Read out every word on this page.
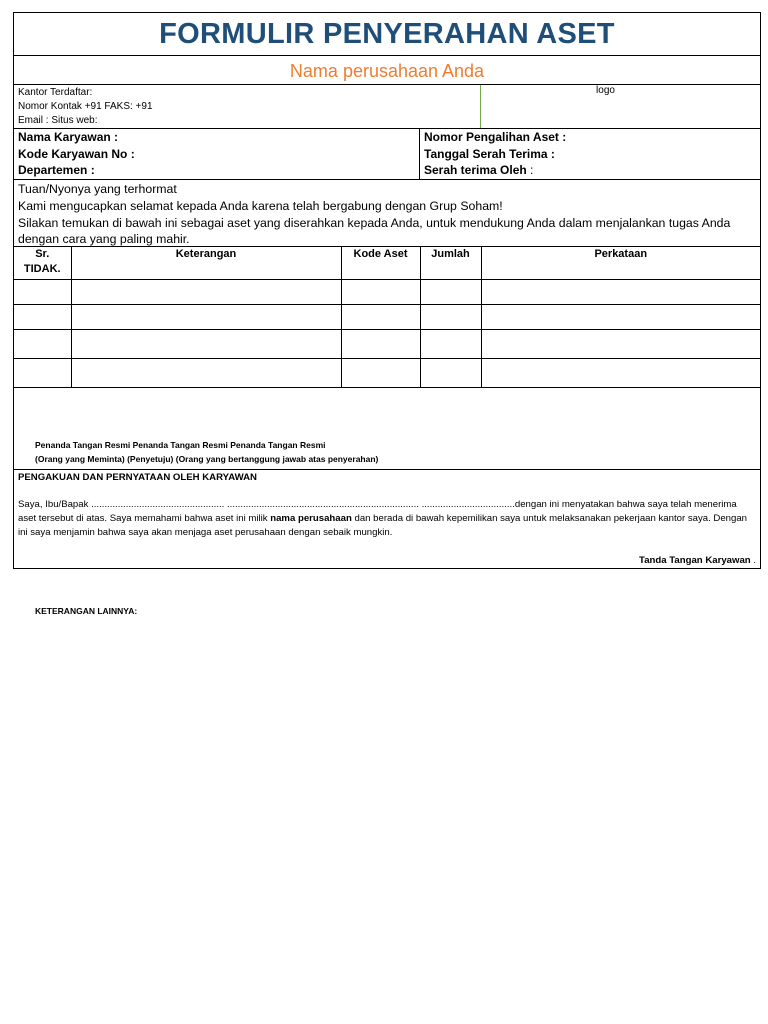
FORMULIR PENYERAHAN ASET
Nama perusahaan Anda
Kantor Terdaftar:
Nomor Kontak +91 FAKS: +91
Email : Situs web:
logo
Nama Karyawan :
Kode Karyawan No :
Departemen :
Nomor Pengalihan Aset :
Tanggal Serah Terima :
Serah terima Oleh :
Tuan/Nyonya yang terhormat
Kami mengucapkan selamat kepada Anda karena telah bergabung dengan Grup Soham!
Silakan temukan di bawah ini sebagai aset yang diserahkan kepada Anda, untuk mendukung Anda dalam menjalankan tugas Anda dengan cara yang paling mahir.
Sr.
TIDAK.	Keterangan	Kode Aset	Jumlah	Perkataan

Penanda Tangan Resmi Penanda Tangan Resmi Penanda Tangan Resmi
(Orang yang Meminta) (Penyetuju) (Orang yang bertanggung jawab atas penyerahan)
PENGAKUAN DAN PERNYATAAN OLEH KARYAWAN
Saya, Ibu/Bapak .................................................. ........................................................................ ...................................dengan ini menyatakan bahwa saya telah menerima aset tersebut di atas. Saya memahami bahwa aset ini milik nama perusahaan dan berada di bawah kepemilikan saya untuk melaksanakan pekerjaan kantor saya. Dengan ini saya menjamin bahwa saya akan menjaga aset perusahaan dengan sebaik mungkin.
Tanda Tangan Karyawan .
KETERANGAN LAINNYA:
